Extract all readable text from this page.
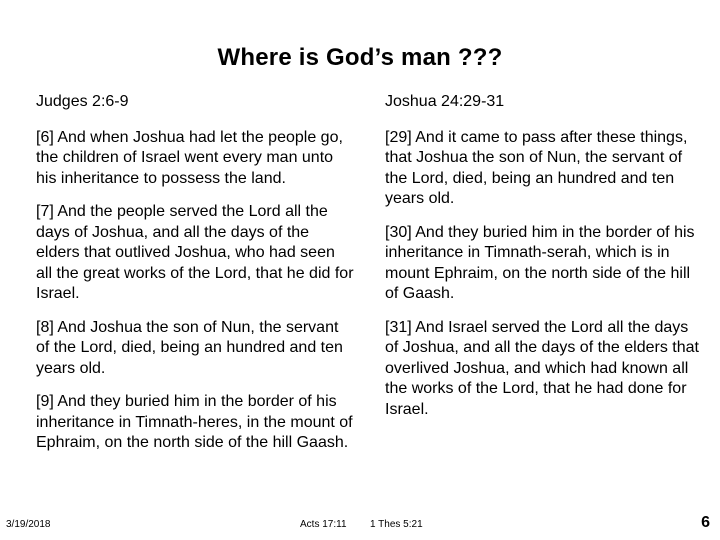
Where is God’s man ???

Judges 2:6-9

[6] And when Joshua had let the people go, the children of Israel went every man unto his inheritance to possess the land.

[7] And the people served the Lord all the days of Joshua, and all the days of the elders that outlived Joshua, who had seen all the great works of the Lord, that he did for Israel.

[8] And Joshua the son of Nun, the servant of the Lord, died, being an hundred and ten years old.

[9] And they buried him in the border of his inheritance in Timnath-heres, in the mount of Ephraim, on the north side of the hill Gaash.

Joshua 24:29-31

[29] And it came to pass after these things, that Joshua the son of Nun, the servant of the Lord, died, being an hundred and ten years old.

[30] And they buried him in the border of his inheritance in Timnath-serah, which is in mount Ephraim, on the north side of the hill of Gaash.

[31] And Israel served the Lord all the days of Joshua, and all the days of the elders that overlived Joshua, and which had known all the works of the Lord, that he had done for Israel.

3/19/2018	Acts 17:11 1 Thes 5:21	6
